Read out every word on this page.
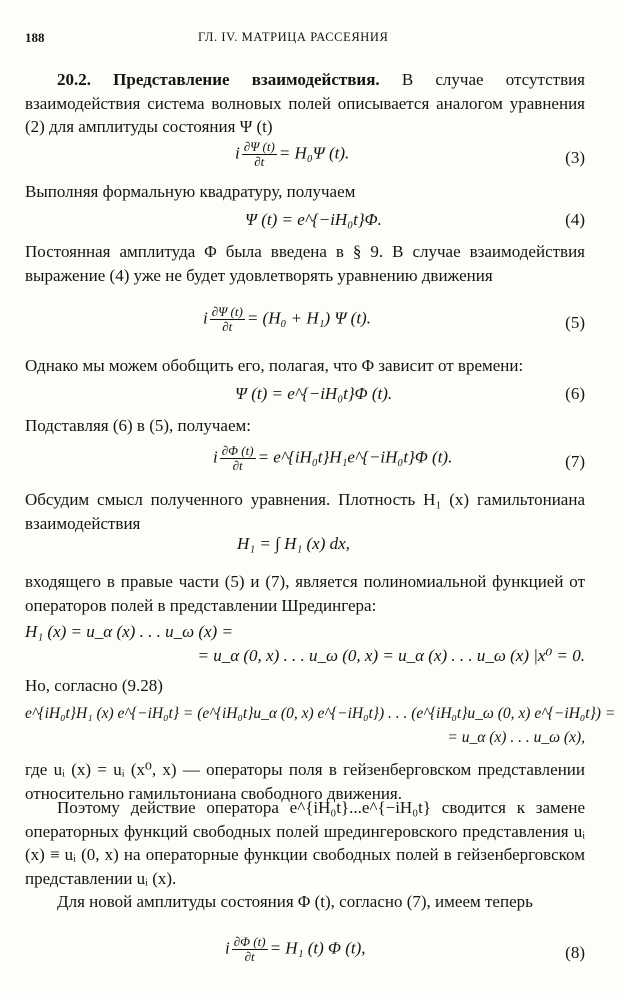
188	ГЛ. IV. МАТРИЦА РАССЕЯНИЯ

20.2. Представление взаимодействия. В случае отсутствия взаимодействия система волновых полей описывается аналогом уравнения (2) для амплитуды состояния Ψ (t)

i $\frac{\partial\Psi (t)}{\partial t} = H_0\Psi$ (t).	(3)

Выполняя формальную квадратуру, получаем

Ψ (t) = e^{−iH₀t}Φ.	(4)

Постоянная амплитуда Φ была введена в § 9. В случае взаимодействия выражение (4) уже не будет удовлетворять уравнению движения

i $\frac{\partial\Psi (t)}{\partial t} = (H_0 + H_1)$ Ψ (t).	(5)

Однако мы можем обобщить его, полагая, что Φ зависит от времени:

Ψ (t) = e^{−iH₀t}Φ (t).	(6)

Подставляя (6) в (5), получаем:

i $\frac{\partial\Phi (t)}{\partial t}$ = e^{iH₀t}H₁e^{−iH₀t}Φ (t).	(7)

Обсудим смысл полученного уравнения. Плотность H₁ (x) гамильтониана взаимодействия

H₁ = ∫ H₁ (x) dx,

входящего в правые части (5) и (7), является полиномиальной функцией от операторов полей в представлении Шредингера:

H₁ (x) = u_α (x) . . . u_ω (x) =
= u_α (0, x) . . . u_ω (0, x) = u_α (x) . . . u_ω (x) |x⁰ = 0.

Но, согласно (9.28)

e^{iH₀t}H₁ (x) e^{−iH₀t} = (e^{iH₀t}u_α (0, x) e^{−iH₀t}) . . . (e^{iH₀t}u_ω (0, x) e^{−iH₀t}) =
= u_α (x) . . . u_ω (x),

где uᵢ (x) = uᵢ (x⁰, x) — операторы поля в гейзенберговском представлении относительно гамильтониана свободного движения.

Поэтому действие оператора e^{iH₀t}...e^{−iH₀t} сводится к замене операторных функций свободных полей шредингеровского представления uᵢ (x) ≡ uᵢ (0, x) на операторные функции свободных полей в гейзенберговском представлении uᵢ (x).

Для новой амплитуды состояния Φ (t), согласно (7), имеем теперь

i $\frac{\partial\Phi (t)}{\partial t} = H_1$ (t) Φ (t),	(8)
